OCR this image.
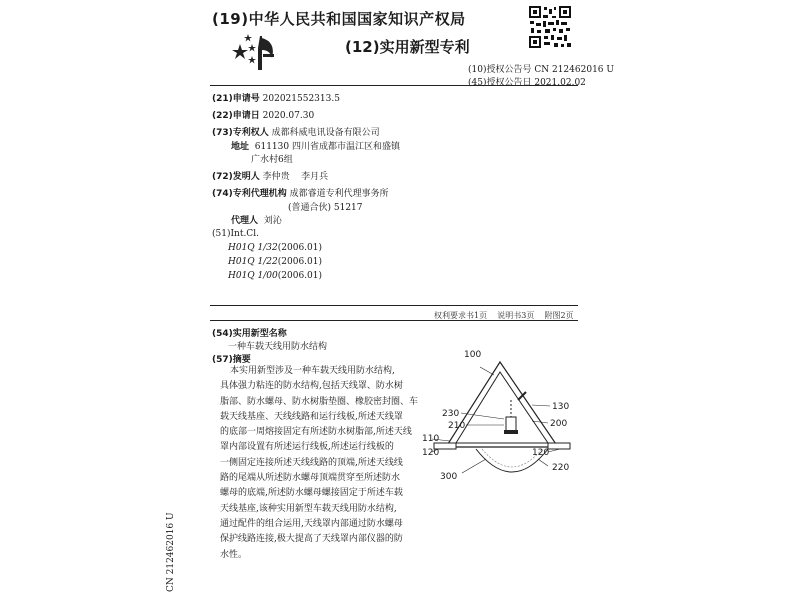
(19)中华人民共和国国家知识产权局
(12)实用新型专利
(10)授权公告号 CN 212462016 U
(45)授权公告日 2021.02.02
(21)申请号 202021552313.5
(22)申请日 2020.07.30
(73)专利权人 成都科威电讯设备有限公司
地址 611130 四川省成都市温江区和盛镇
广水村6组
(72)发明人 李仲贵    李月兵
(74)专利代理机构 成都睿道专利代理事务所
(普通合伙) 51217
代理人 刘沁
(51)Int.Cl.
H01Q 1/32(2006.01)
H01Q 1/22(2006.01)
H01Q 1/00(2006.01)
权利要求书1页    说明书3页    附图2页
(54)实用新型名称
一种车载天线用防水结构
(57)摘要

本实用新型涉及一种车载天线用防水结构,

具体强力粘连的防水结构,包括天线罩、防水树

脂部、防水螺母、防水树脂垫圈、橡胶密封圈、车

载天线基座、天线线路和运行线板,所述天线罩

的底部一周熔接固定有所述防水树脂部,所述天线

罩内部设置有所述运行线板,所述运行线板的

一侧固定连接所述天线线路的顶端,所述天线线

路的尾端从所述防水螺母顶端贯穿至所述防水

螺母的底端,所述防水螺母螺接固定于所述车载

天线基座,该种实用新型车载天线用防水结构,

通过配件的组合运用,天线罩内部通过防水螺母

保护线路连接,极大提高了天线罩内部仪器的防

水性。

100
130
230
210	200
110
120	120
220
300
CN 212462016 U
